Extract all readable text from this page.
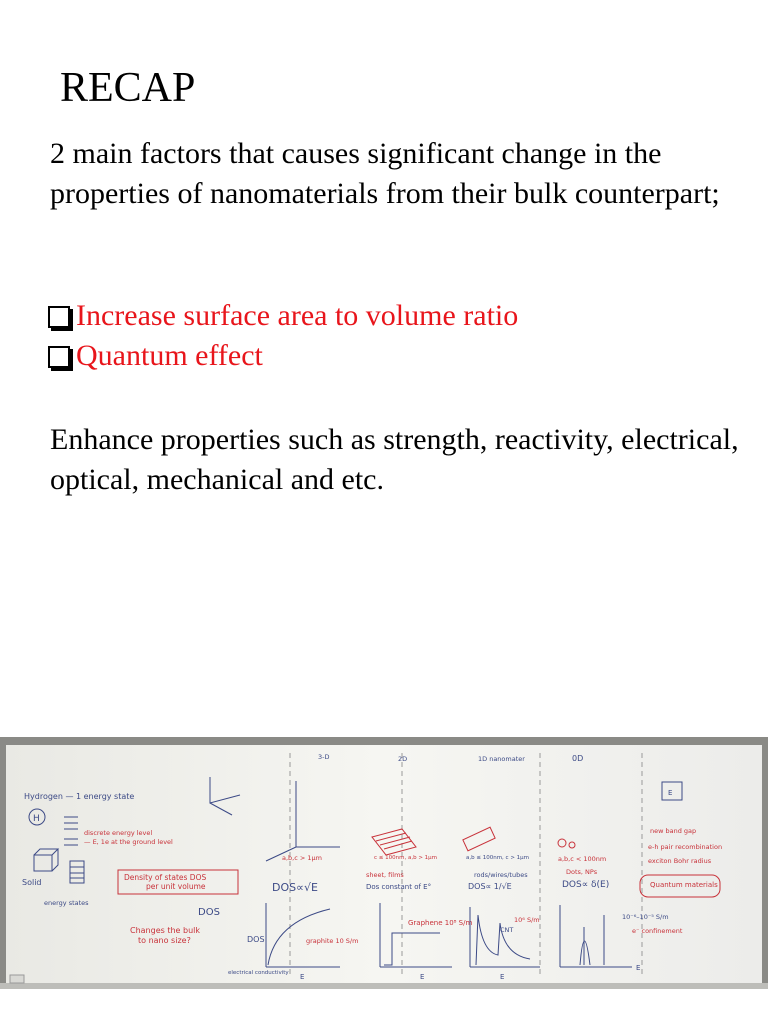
RECAP
2 main factors that causes significant change in the properties of nanomaterials from their bulk counterpart;
Increase surface area to volume ratio
Quantum effect
Enhance properties such as strength, reactivity, electrical, optical, mechanical and etc.
3-D	2D	1D nanomater	0D
Hydrogen — 1 energy state
discrete energy level
— E, 1e at the ground level
Solid
energy states
Density of states DOS
per unit volume
DOS
Changes the bulk
to nano size?
a,b,c > 1μm
DOS∝√E
DOS	graphite 10 S/m
electrical conductivity
c ≤ 100nm, a,b > 1μm
sheet, films
Dos constant of E°
Graphene 10⁸ S/m
a,b ≤ 100nm, c > 1μm
rods/wires/tubes
DOS∝ 1/√E
CNT
10⁶ S/m
a,b,c < 100nm
Dots, NPs
DOS∝ δ(E)
10⁻⁶–10⁻⁵ S/m
new band gap
e-h pair recombination
exciton Bohr radius
Quantum materials
e⁻ confinement
H
E	E	E
E
E
